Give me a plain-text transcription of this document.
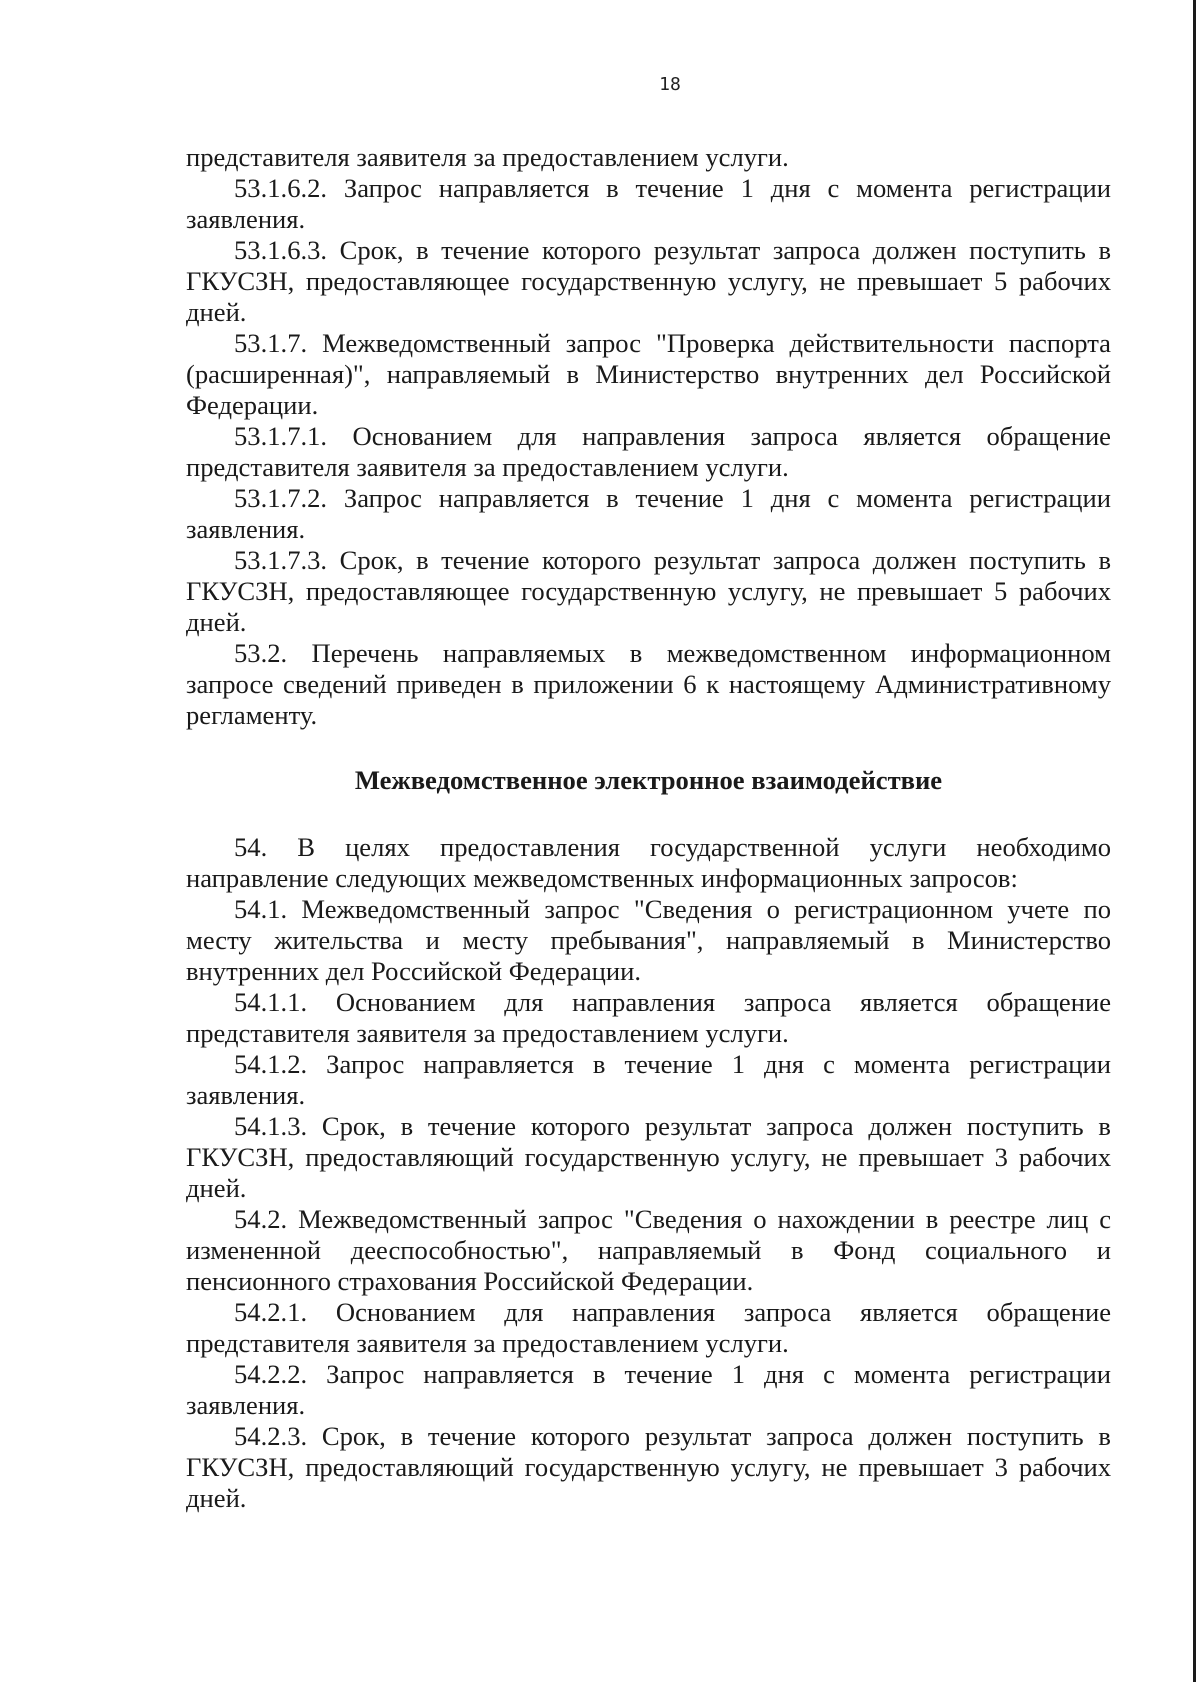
18

представителя заявителя за предоставлением услуги.

53.1.6.2. Запрос направляется в течение 1 дня с момента регистрации заявления.

53.1.6.3. Срок, в течение которого результат запроса должен поступить в ГКУСЗН, предоставляющее государственную услугу, не превышает 5 рабочих дней.

53.1.7. Межведомственный запрос "Проверка действительности паспорта (расширенная)", направляемый в Министерство внутренних дел Российской Федерации.

53.1.7.1. Основанием для направления запроса является обращение представителя заявителя за предоставлением услуги.

53.1.7.2. Запрос направляется в течение 1 дня с момента регистрации заявления.

53.1.7.3. Срок, в течение которого результат запроса должен поступить в ГКУСЗН, предоставляющее государственную услугу, не превышает 5 рабочих дней.

53.2. Перечень направляемых в межведомственном информационном запросе сведений приведен в приложении 6 к настоящему Административному регламенту.

Межведомственное электронное взаимодействие

54. В целях предоставления государственной услуги необходимо направление следующих межведомственных информационных запросов:

54.1. Межведомственный запрос "Сведения о регистрационном учете по месту жительства и месту пребывания", направляемый в Министерство внутренних дел Российской Федерации.

54.1.1. Основанием для направления запроса является обращение представителя заявителя за предоставлением услуги.

54.1.2. Запрос направляется в течение 1 дня с момента регистрации заявления.

54.1.3. Срок, в течение которого результат запроса должен поступить в ГКУСЗН, предоставляющий государственную услугу, не превышает 3 рабочих дней.

54.2. Межведомственный запрос "Сведения о нахождении в реестре лиц с измененной дееспособностью", направляемый в Фонд социального и пенсионного страхования Российской Федерации.

54.2.1. Основанием для направления запроса является обращение представителя заявителя за предоставлением услуги.

54.2.2. Запрос направляется в течение 1 дня с момента регистрации заявления.

54.2.3. Срок, в течение которого результат запроса должен поступить в ГКУСЗН, предоставляющий государственную услугу, не превышает 3 рабочих дней.
